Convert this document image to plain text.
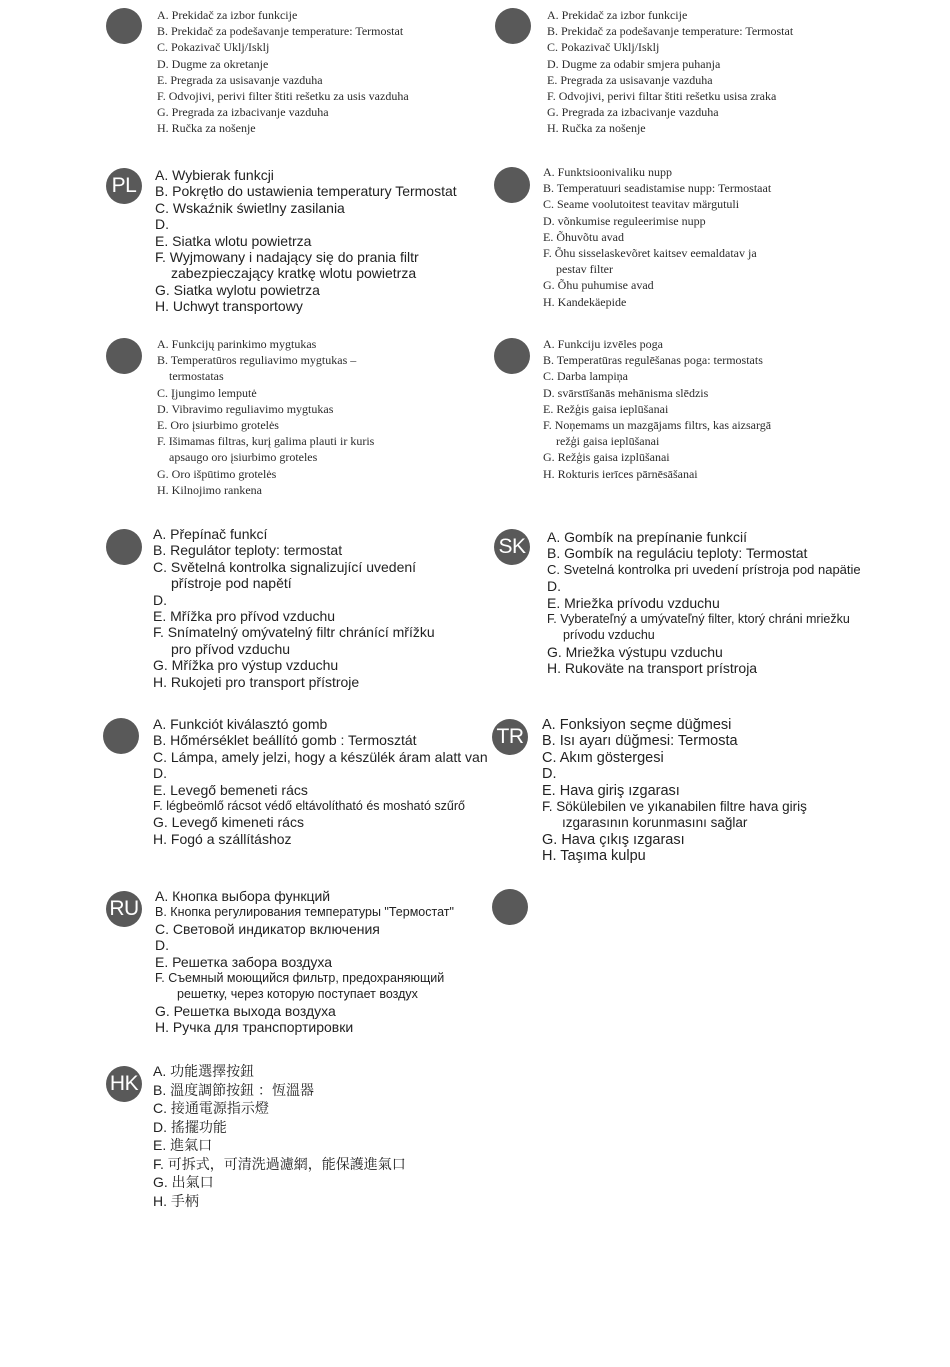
A. Prekidač za izbor funkcije
B. Prekidač za podešavanje temperature: Termostat
C. Pokazivač Uklj/Isklj
D. Dugme za okretanje
E. Pregrada za usisavanje vazduha
F. Odvojivi, perivi filter štiti rešetku za usis vazduha
G. Pregrada za izbacivanje vazduha
H. Ručka za nošenje
A. Prekidač za izbor funkcije
B. Prekidač za podešavanje temperature: Termostat
C. Pokazivač Uklj/Isklj
D. Dugme za odabir smjera puhanja
E. Pregrada za usisavanje vazduha
F. Odvojivi, perivi filtar štiti rešetku usisa zraka
G. Pregrada za izbacivanje vazduha
H. Ručka za nošenje
PL	A. Wybierak funkcji
B. Pokrętło do ustawienia temperatury Termostat
C. Wskaźnik świetlny zasilania
D.
E. Siatka wlotu powietrza
F. Wyjmowany i nadający się do prania filtr
zabezpieczający kratkę wlotu powietrza
G. Siatka wylotu powietrza
H. Uchwyt transportowy
A. Funktsioonivaliku nupp
B. Temperatuuri seadistamise nupp: Termostaat
C. Seame voolutoitest teavitav märgutuli
D. võnkumise reguleerimise nupp
E. Õhuvõtu avad
F. Õhu sisselaskevõret kaitsev eemaldatav ja
pestav filter
G. Õhu puhumise avad
H. Kandekäepide
A. Funkcijų parinkimo mygtukas
B. Temperatūros reguliavimo mygtukas –
termostatas
C. Įjungimo lemputė
D. Vibravimo reguliavimo mygtukas
E. Oro įsiurbimo grotelės
F. Išimamas filtras, kurį galima plauti ir kuris
apsaugo oro įsiurbimo groteles
G. Oro išpūtimo grotelės
H. Kilnojimo rankena
A. Funkciju izvēles poga
B. Temperatūras regulēšanas poga: termostats
C. Darba lampiņa
D. svārstīšanās mehānisma slēdzis
E. Režģis gaisa ieplūšanai
F. Noņemams un mazgājams filtrs, kas aizsargā
režģi gaisa ieplūšanai
G. Režģis gaisa izplūšanai
H. Rokturis ierīces pārnēsāšanai
A. Přepínač funkcí
B. Regulátor teploty: termostat
C. Světelná kontrolka signalizující uvedení
přístroje pod napětí
D.
E. Mřížka pro přívod vzduchu
F. Snímatelný omývatelný filtr chránící mřížku
pro přívod vzduchu
G. Mřížka pro výstup vzduchu
H. Rukojeti pro transport přístroje
SK	A. Gombík na prepínanie funkcií
B. Gombík na reguláciu teploty: Termostat
C. Svetelná kontrolka pri uvedení prístroja pod napätie
D.
E. Mriežka prívodu vzduchu
F. Vyberateľný a umývateľný filter, ktorý chráni mriežku
prívodu vzduchu
G. Mriežka výstupu vzduchu
H. Rukoväte na transport prístroja
A. Funkciót kiválasztó gomb
B. Hőmérséklet beállító gomb : Termosztát
C. Lámpa, amely jelzi, hogy a készülék áram alatt van
D.
E. Levegő bemeneti rács
F. légbeömlő rácsot védő eltávolítható és mosható szűrő
G. Levegő kimeneti rács
H. Fogó a szállításhoz
TR	A. Fonksiyon seçme düğmesi
B. Isı ayarı düğmesi: Termosta
C. Akım göstergesi
D.
E. Hava giriş ızgarası
F. Sökülebilen ve yıkanabilen filtre hava giriş
ızgarasının korunmasını sağlar
G. Hava çıkış ızgarası
H. Taşıma kulpu
RU
A. Кнопка выбора функций
B. Кнопка регулирования температуры "Термостат"
C. Световой индикатор включения
D.
E. Решетка забора воздуха
F. Съемный моющийся фильтр, предохраняющий
решетку, через которую поступает воздух
G. Решетка выхода воздуха
H. Ручка для транспортировки
HK
A. 功能選擇按鈕
B. 溫度調節按鈕 ：恆溫器
C. 接通電源指示燈
D. 搖擺功能
E. 進氣口
F. 可拆式，可清洗過濾網，能保護進氣口
G. 出氣口
H. 手柄
